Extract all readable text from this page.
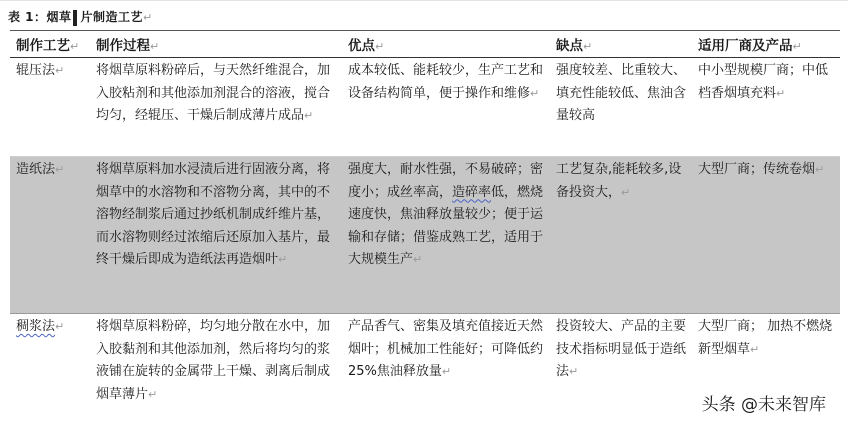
表 1：烟草 片制造工艺↵
制作工艺↵	制作过程↵	优点↵	缺点↵	适用厂商及产品↵
辊压法↵	将烟草原料粉碎后，与天然纤维混合，加入胶粘剂和其他添加剂混合的溶液，搅合均匀，经辊压、干燥后制成薄片成品↵	成本较低、能耗较少，生产工艺和设备结构简单，便于操作和维修↵	强度较差、比重较大、填充性能较低、焦油含量较高	中小型规模厂商；中低档香烟填充料↵
造纸法↵	将烟草原料加水浸渍后进行固液分离，将烟草中的水溶物和不溶物分离，其中的不溶物经制浆后通过抄纸机制成纤维片基，而水溶物则经过浓缩后还原加入基片，最终干燥后即成为造纸法再造烟叶↵	强度大，耐水性强，不易破碎；密度小；成丝率高，造碎率低，燃烧速度快，焦油释放量较少；便于运输和存储；借鉴成熟工艺，适用于大规模生产↵	工艺复杂,能耗较多,设备投资大，↵	大型厂商；传统卷烟↵
稠浆法↵	将烟草原料粉碎，均匀地分散在水中，加入胶黏剂和其他添加剂，然后将均匀的浆液铺在旋转的金属带上干燥、剥离后制成烟草薄片↵	产品香气、密集及填充值接近天然烟叶；机械加工性能好；可降低约 25%焦油释放量↵	投资较大、产品的主要技术指标明显低于造纸法↵	大型厂商； 加热不燃烧新型烟草↵
头条 @未来智库
